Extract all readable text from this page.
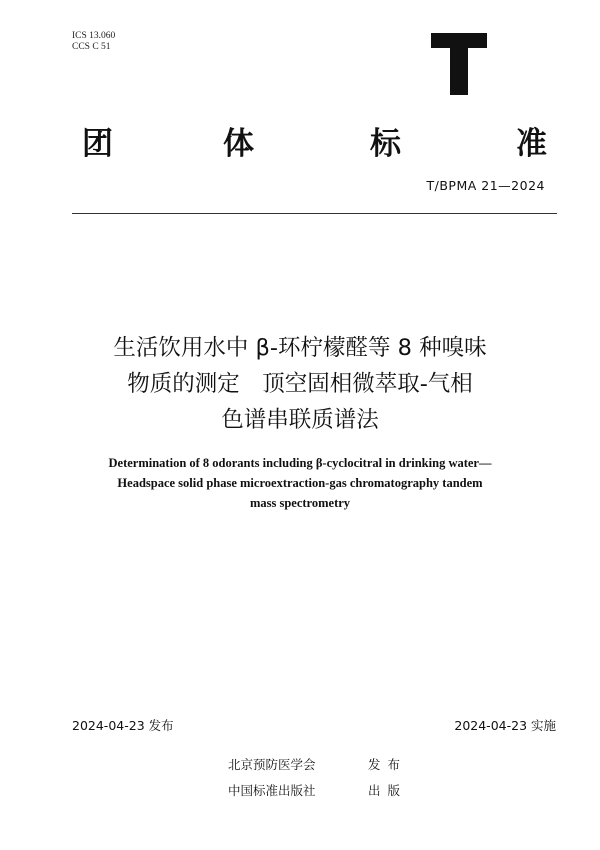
ICS 13.060
CCS C 51
团	体	标	准
T/BPMA 21—2024
生活饮用水中 β-环柠檬醛等 8 种嗅味
物质的测定　顶空固相微萃取-气相
色谱串联质谱法
Determination of 8 odorants including β-cyclocitral in drinking water—
Headspace solid phase microextraction-gas chromatography tandem
mass spectrometry
2024-04-23 发布	2024-04-23 实施
北京预防医学会	发布
中国标准出版社	出版
